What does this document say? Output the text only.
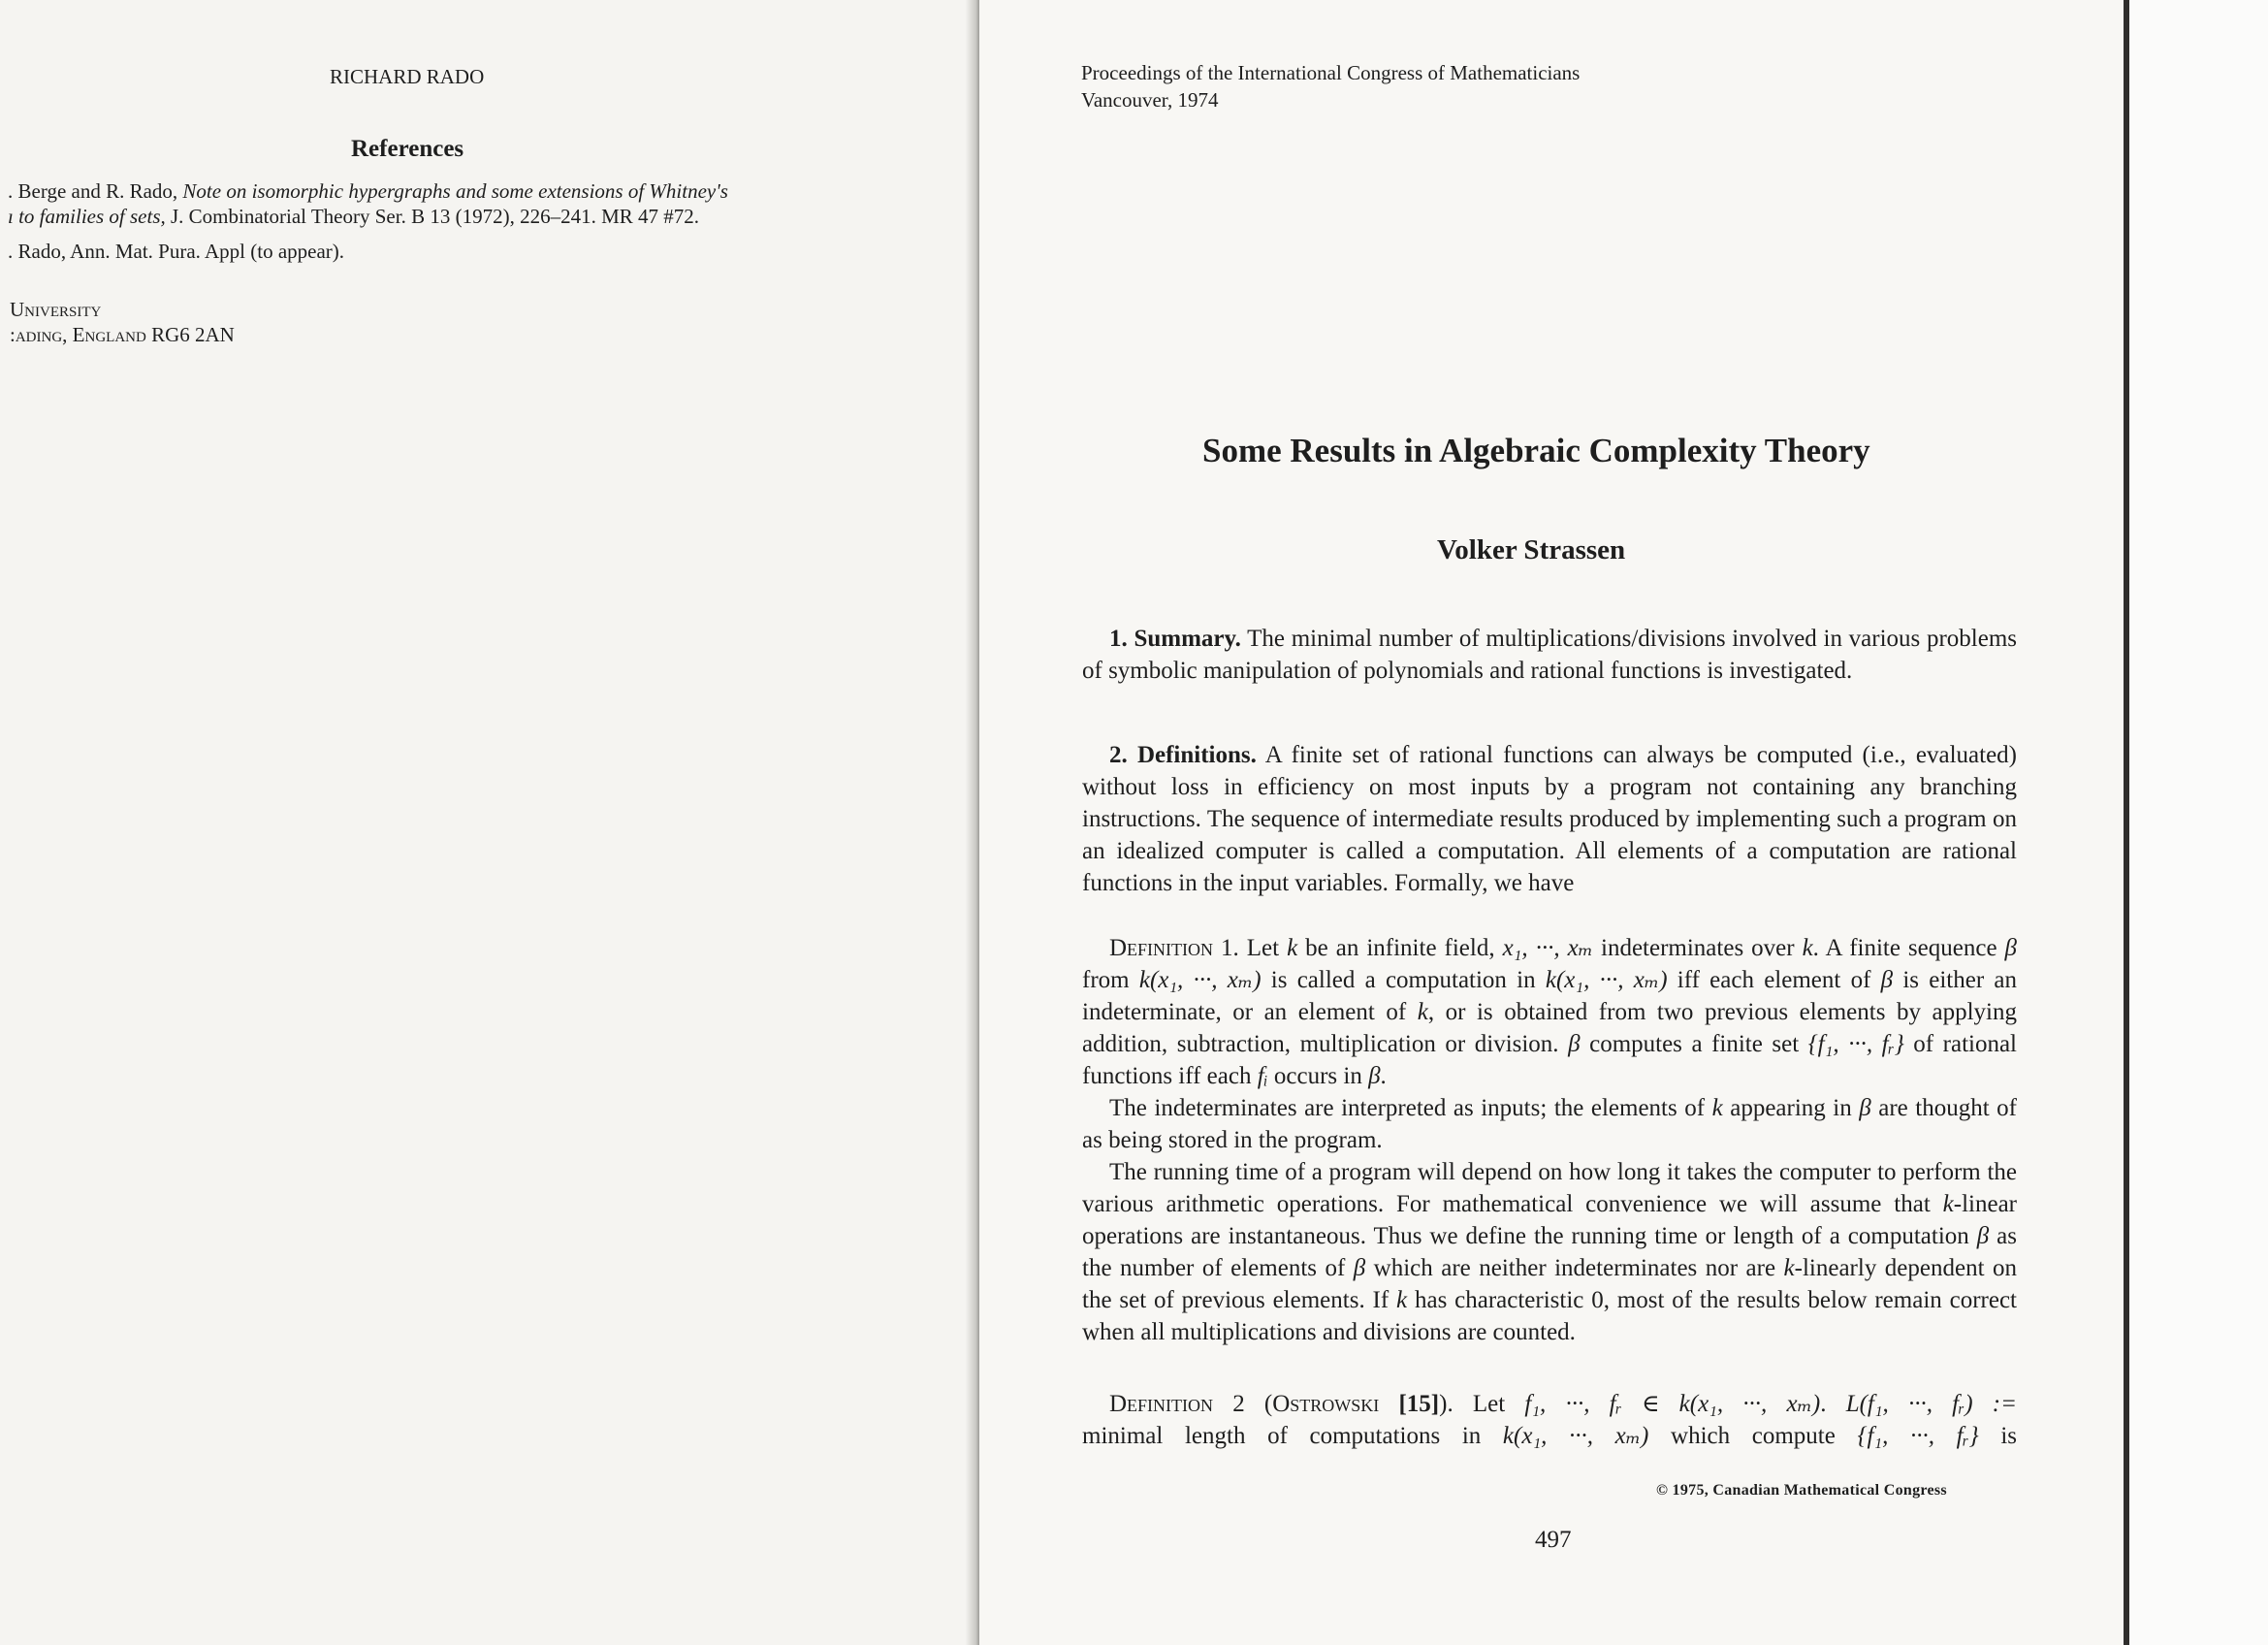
RICHARD RADO
References
. Berge and R. Rado, Note on isomorphic hypergraphs and some extensions of Whitney's
ı to families of sets, J. Combinatorial Theory Ser. B 13 (1972), 226–241. MR 47 #72.
. Rado, Ann. Mat. Pura. Appl (to appear).
University
:ading, England RG6 2AN
Proceedings of the International Congress of Mathematicians
Vancouver, 1974
Some Results in Algebraic Complexity Theory
Volker Strassen
1. Summary. The minimal number of multiplications/divisions involved in various problems of symbolic manipulation of polynomials and rational functions is investigated.
2. Definitions. A finite set of rational functions can always be computed (i.e., evaluated) without loss in efficiency on most inputs by a program not containing any branching instructions. The sequence of intermediate results produced by implementing such a program on an idealized computer is called a computation. All elements of a computation are rational functions in the input variables. Formally, we have
Definition 1. Let k be an infinite field, x₁, ···, xₘ indeterminates over k. A finite sequence β from k(x₁, ···, xₘ) is called a computation in k(x₁, ···, xₘ) iff each element of β is either an indeterminate, or an element of k, or is obtained from two previous elements by applying addition, subtraction, multiplication or division. β computes a finite set {f₁, ···, fᵣ} of rational functions iff each fᵢ occurs in β.
The indeterminates are interpreted as inputs; the elements of k appearing in β are thought of as being stored in the program.
The running time of a program will depend on how long it takes the computer to perform the various arithmetic operations. For mathematical convenience we will assume that k-linear operations are instantaneous. Thus we define the running time or length of a computation β as the number of elements of β which are neither indeterminates nor are k-linearly dependent on the set of previous elements. If k has characteristic 0, most of the results below remain correct when all multiplications and divisions are counted.
Definition 2 (Ostrowski [15]). Let f₁, ···, fᵣ ∈ k(x₁, ···, xₘ). L(f₁, ···, fᵣ) :=
minimal length of computations in k(x₁, ···, xₘ) which compute {f₁, ···, fᵣ} is
© 1975, Canadian Mathematical Congress
497
